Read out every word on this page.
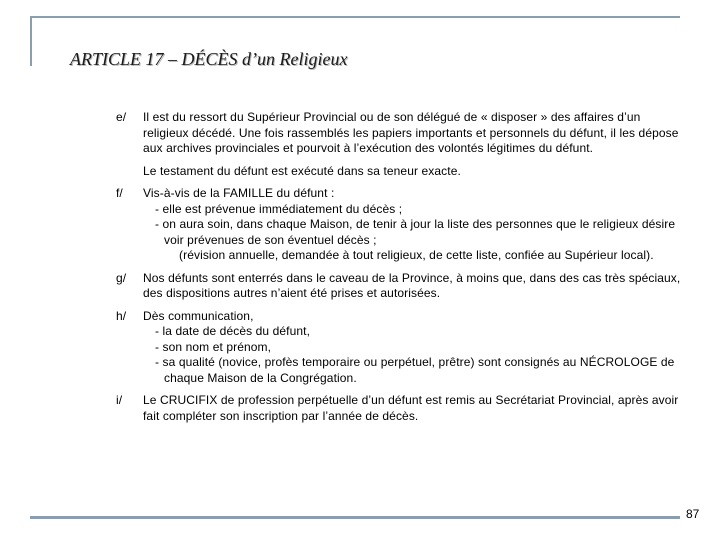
ARTICLE 17 – DÉCÈS d’un Religieux
e/	Il est du ressort du Supérieur Provincial ou de son délégué de « disposer » des affaires d’un religieux décédé. Une fois rassemblés les papiers importants et personnels du défunt, il les dépose aux archives provinciales et pourvoit à l’exécution des volontés légitimes du défunt.

Le testament du défunt est exécuté dans sa teneur exacte.

f/	Vis-à-vis de la FAMILLE du défunt :

- elle est prévenue immédiatement du décès ;

- on aura soin, dans chaque Maison, de tenir à jour la liste des personnes que le religieux désire voir prévenues de son éventuel décès ;

(révision annuelle, demandée à tout religieux, de cette liste, confiée au Supérieur local).

g/	Nos défunts sont enterrés dans le caveau de la Province, à moins que, dans des cas très spéciaux, des dispositions autres n’aient été prises et autorisées.

h/	Dès communication,

- la date de décès du défunt,

- son nom et prénom,

- sa qualité (novice, profès temporaire ou perpétuel, prêtre) sont consignés au NÉCROLOGE de chaque Maison de la Congrégation.

i/	Le CRUCIFIX de profession perpétuelle d’un défunt est remis au Secrétariat Provincial, après avoir fait compléter son inscription par l’année de décès.

87
